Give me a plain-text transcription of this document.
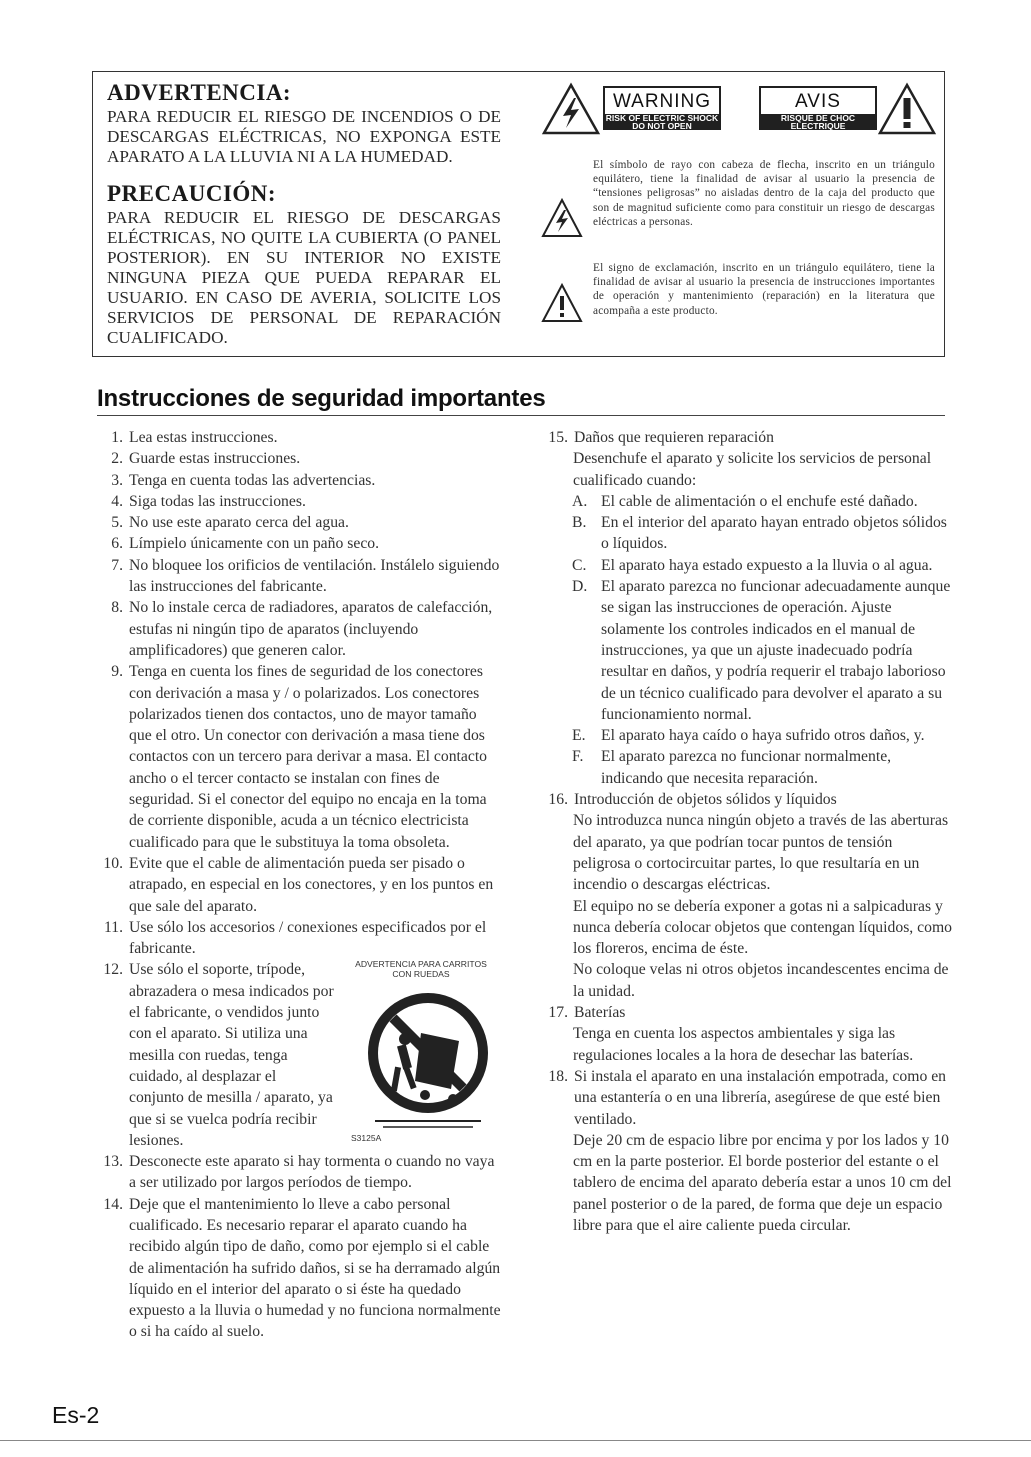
ADVERTENCIA:
PARA REDUCIR EL RIESGO DE INCENDIOS O DE DESCARGAS ELÉCTRICAS, NO EXPONGA ESTE APARATO A LA LLUVIA NI A LA HUMEDAD.
PRECAUCIÓN:
PARA REDUCIR EL RIESGO DE DESCARGAS ELÉCTRICAS, NO QUITE LA CUBIERTA (O PANEL POSTERIOR). EN SU INTERIOR NO EXISTE NINGUNA PIEZA QUE PUEDA REPARAR EL USUARIO. EN CASO DE AVERIA, SOLICITE LOS SERVICIOS DE PERSONAL DE REPARACIÓN CUALIFICADO.
WARNING
RISK OF ELECTRIC SHOCK
DO NOT OPEN
AVIS
RISQUE DE CHOC ELECTRIQUE
NE PAS OUVRIR
El símbolo de rayo con cabeza de flecha, inscrito en un triángulo equilátero, tiene la finalidad de avisar al usuario la presencia de “tensiones peligrosas” no aisladas dentro de la caja del producto que son de magnitud suficiente como para constituir un riesgo de descargas eléctricas a personas.
El signo de exclamación, inscrito en un triángulo equilátero, tiene la finalidad de avisar al usuario la presencia de instrucciones importantes de operación y mantenimiento (reparación) en la literatura que acompaña a este producto.
Instrucciones de seguridad importantes
1. Lea estas instrucciones.
2. Guarde estas instrucciones.
3. Tenga en cuenta todas las advertencias.
4. Siga todas las instrucciones.
5. No use este aparato cerca del agua.
6. Límpielo únicamente con un paño seco.
7. No bloquee los orificios de ventilación. Instálelo siguiendo las instrucciones del fabricante.
8. No lo instale cerca de radiadores, aparatos de calefacción, estufas ni ningún tipo de aparatos (incluyendo amplificadores) que generen calor.
9. Tenga en cuenta los fines de seguridad de los conectores con derivación a masa y / o polarizados. Los conectores polarizados tienen dos contactos, uno de mayor tamaño que el otro. Un conector con derivación a masa tiene dos contactos con un tercero para derivar a masa. El contacto ancho o el tercer contacto se instalan con fines de seguridad. Si el conector del equipo no encaja en la toma de corriente disponible, acuda a un técnico electricista cualificado para que le substituya la toma obsoleta.
10. Evite que el cable de alimentación pueda ser pisado o atrapado, en especial en los conectores, y en los puntos en que sale del aparato.
11. Use sólo los accesorios / conexiones especificados por el fabricante.
12. Use sólo el soporte, trípode, abrazadera o mesa indicados por el fabricante, o vendidos junto con el aparato. Si utiliza una mesilla con ruedas, tenga cuidado, al desplazar el conjunto de mesilla / aparato, ya que si se vuelca podría recibir lesiones.
ADVERTENCIA PARA CARRITOS
CON RUEDAS
S3125A
13. Desconecte este aparato si hay tormenta o cuando no vaya a ser utilizado por largos períodos de tiempo.
14. Deje que el mantenimiento lo lleve a cabo personal cualificado. Es necesario reparar el aparato cuando ha recibido algún tipo de daño, como por ejemplo si el cable de alimentación ha sufrido daños, si se ha derramado algún líquido en el interior del aparato o si éste ha quedado expuesto a la lluvia o humedad y no funciona normalmente o si ha caído al suelo.
15. Daños que requieren reparación
Desenchufe el aparato y solicite los servicios de personal cualificado cuando:
A. El cable de alimentación o el enchufe esté dañado.
B. En el interior del aparato hayan entrado objetos sólidos o líquidos.
C. El aparato haya estado expuesto a la lluvia o al agua.
D. El aparato parezca no funcionar adecuadamente aunque se sigan las instrucciones de operación. Ajuste solamente los controles indicados en el manual de instrucciones, ya que un ajuste inadecuado podría resultar en daños, y podría requerir el trabajo laborioso de un técnico cualificado para devolver el aparato a su funcionamiento normal.
E. El aparato haya caído o haya sufrido otros daños, y.
F.	El aparato parezca no funcionar normalmente, indicando que necesita reparación.
16. Introducción de objetos sólidos y líquidos
No introduzca nunca ningún objeto a través de las aberturas del aparato, ya que podrían tocar puntos de tensión peligrosa o cortocircuitar partes, lo que resultaría en un incendio o descargas eléctricas.
El equipo no se debería exponer a gotas ni a salpicaduras y nunca debería colocar objetos que contengan líquidos, como los floreros, encima de éste.
No coloque velas ni otros objetos incandescentes encima de la unidad.
17. Baterías
Tenga en cuenta los aspectos ambientales y siga las regulaciones locales a la hora de desechar las baterías.
18. Si instala el aparato en una instalación empotrada, como en una estantería o en una librería, asegúrese de que esté bien ventilado.
Deje 20 cm de espacio libre por encima y por los lados y 10 cm en la parte posterior. El borde posterior del estante o el tablero de encima del aparato debería estar a unos 10 cm del panel posterior o de la pared, de forma que deje un espacio libre para que el aire caliente pueda circular.
Es-2
